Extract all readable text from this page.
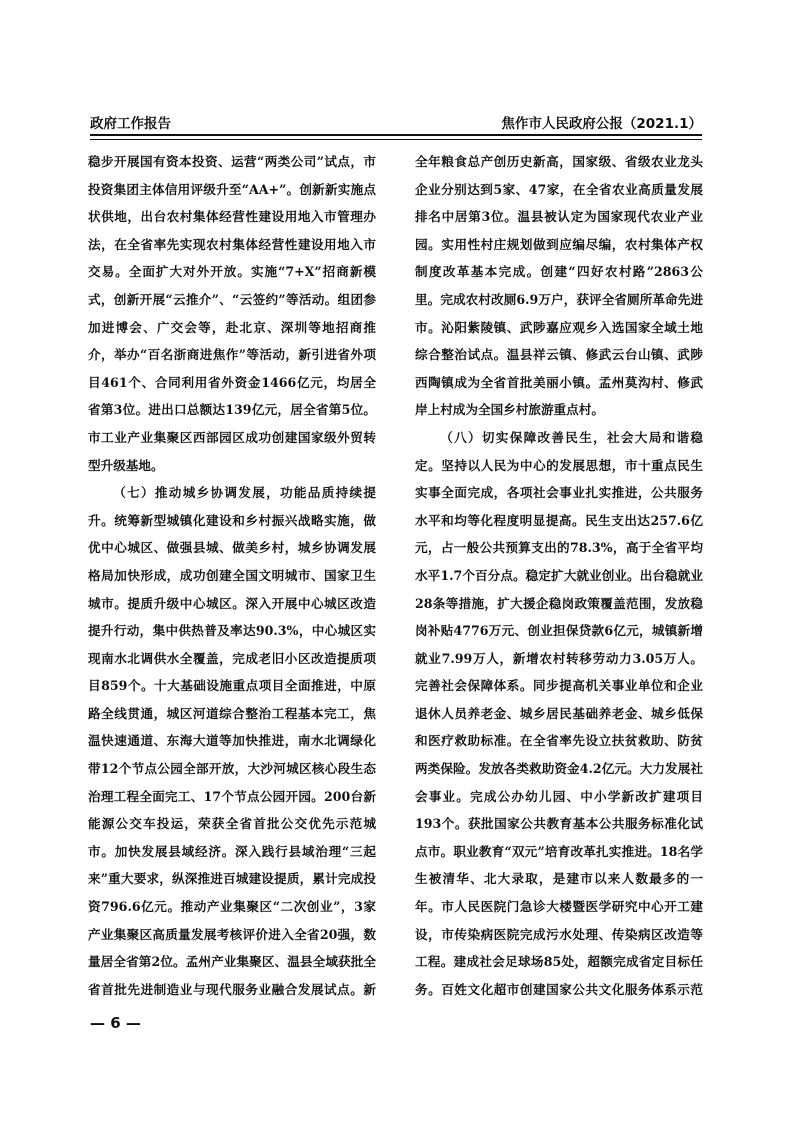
政府工作报告	焦作市人民政府公报（2021.1）

稳步开展国有资本投资、运营“两类公司”试点，市投资集团主体信用评级升至“AA+”。创新新实施点状供地，出台农村集体经营性建设用地入市管理办法，在全省率先实现农村集体经营性建设用地入市交易。全面扩大对外开放。实施“7+X”招商新模式，创新开展“云推介”、“云签约”等活动。组团参加进博会、广交会等，赴北京、深圳等地招商推介，举办“百名浙商进焦作”等活动，新引进省外项目461个、合同利用省外资金1466亿元，均居全省第3位。进出口总额达139亿元，居全省第5位。市工业产业集聚区西部园区成功创建国家级外贸转型升级基地。

（七）推动城乡协调发展，功能品质持续提升。统筹新型城镇化建设和乡村振兴战略实施，做优中心城区、做强县城、做美乡村，城乡协调发展格局加快形成，成功创建全国文明城市、国家卫生城市。提质升级中心城区。深入开展中心城区改造提升行动，集中供热普及率达90.3%，中心城区实现南水北调供水全覆盖，完成老旧小区改造提质项目859个。十大基础设施重点项目全面推进，中原路全线贯通，城区河道综合整治工程基本完工，焦温快速通道、东海大道等加快推进，南水北调绿化带12个节点公园全部开放，大沙河城区核心段生态治理工程全面完工、17个节点公园开园。200台新能源公交车投运，荣获全省首批公交优先示范城市。加快发展县域经济。深入践行县域治理“三起来”重大要求，纵深推进百城建设提质，累计完成投资796.6亿元。推动产业集聚区“二次创业”，3家产业集聚区高质量发展考核评价进入全省20强，数量居全省第2位。孟州产业集聚区、温县全域获批全省首批先进制造业与现代服务业融合发展试点。新

全年粮食总产创历史新高，国家级、省级农业龙头企业分别达到5家、47家，在全省农业高质量发展排名中居第3位。温县被认定为国家现代农业产业园。实用性村庄规划做到应编尽编，农村集体产权制度改革基本完成。创建“四好农村路”2863公里。完成农村改厕6.9万户，获评全省厕所革命先进市。沁阳紫陵镇、武陟嘉应观乡入选国家全域土地综合整治试点。温县祥云镇、修武云台山镇、武陟西陶镇成为全省首批美丽小镇。孟州莫沟村、修武岸上村成为全国乡村旅游重点村。

（八）切实保障改善民生，社会大局和谐稳定。坚持以人民为中心的发展思想，市十重点民生实事全面完成，各项社会事业扎实推进，公共服务水平和均等化程度明显提高。民生支出达257.6亿元，占一般公共预算支出的78.3%，高于全省平均水平1.7个百分点。稳定扩大就业创业。出台稳就业28条等措施，扩大援企稳岗政策覆盖范围，发放稳岗补贴4776万元、创业担保贷款6亿元，城镇新增就业7.99万人，新增农村转移劳动力3.05万人。完善社会保障体系。同步提高机关事业单位和企业退休人员养老金、城乡居民基础养老金、城乡低保和医疗救助标准。在全省率先设立扶贫救助、防贫两类保险。发放各类救助资金4.2亿元。大力发展社会事业。完成公办幼儿园、中小学新改扩建项目193个。获批国家公共教育基本公共服务标准化试点市。职业教育“双元”培育改革扎实推进。18名学生被清华、北大录取，是建市以来人数最多的一年。市人民医院门急诊大楼暨医学研究中心开工建设，市传染病医院完成污水处理、传染病区改造等工程。建成社会足球场85处，超额完成省定目标任务。百姓文化超市创建国家公共文化服务体系示范

— 6 —
